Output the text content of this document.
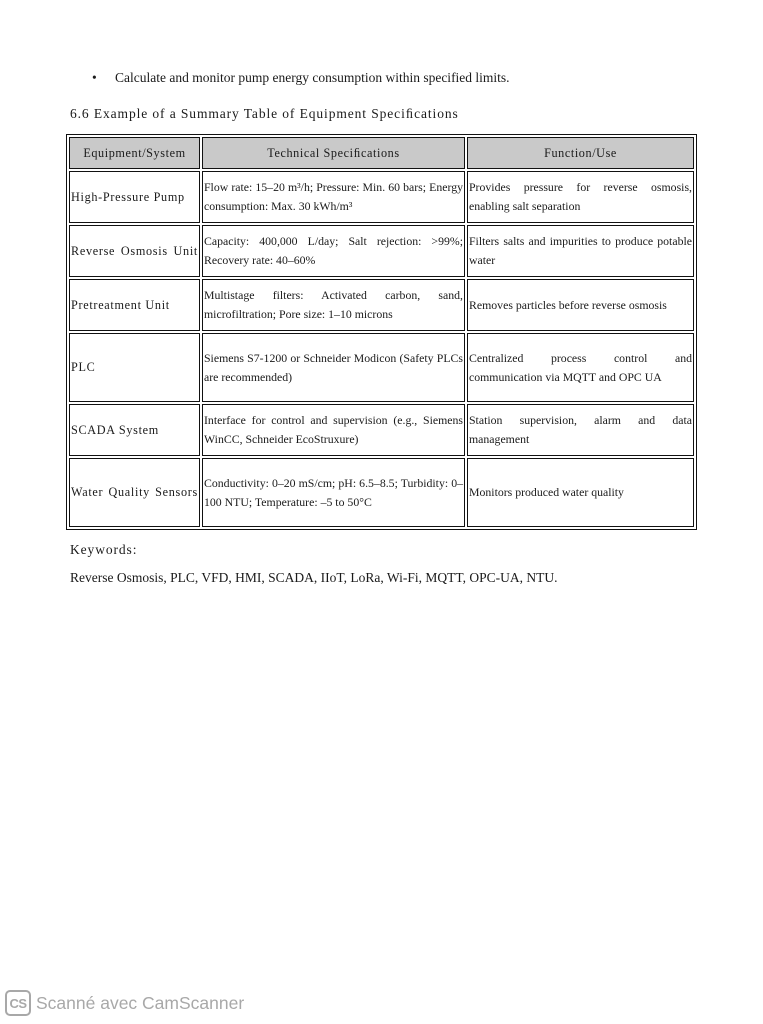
• Calculate and monitor pump energy consumption within specified limits.
6.6 Example of a Summary Table of Equipment Speciﬁcations
Equipment/System	Technical Speciﬁcations	Function/Use
High-Pressure Pump	Flow rate: 15–20 m³/h; Pressure: Min. 60 bars; Energy consumption: Max. 30 kWh/m³	Provides pressure for reverse osmosis, enabling salt separation
Reverse Osmosis Unit	Capacity: 400,000 L/day; Salt rejection: >99%; Recovery rate: 40–60%	Filters salts and impurities to produce potable water
Pretreatment Unit	Multistage filters: Activated carbon, sand, microfiltration; Pore size: 1–10 microns	Removes particles before reverse osmosis
PLC	Siemens S7-1200 or Schneider Modicon (Safety PLCs are recommended)	Centralized process control and communication via MQTT and OPC UA
SCADA System	Interface for control and supervision (e.g., Siemens WinCC, Schneider EcoStruxure)	Station supervision, alarm and data management
Water Quality Sensors	Conductivity: 0–20 mS/cm; pH: 6.5–8.5; Turbidity: 0–100 NTU; Temperature: –5 to 50°C	Monitors produced water quality
Keywords:
Reverse Osmosis, PLC, VFD, HMI, SCADA, IIoT, LoRa, Wi-Fi, MQTT, OPC-UA, NTU.
CS Scanné avec CamScanner
